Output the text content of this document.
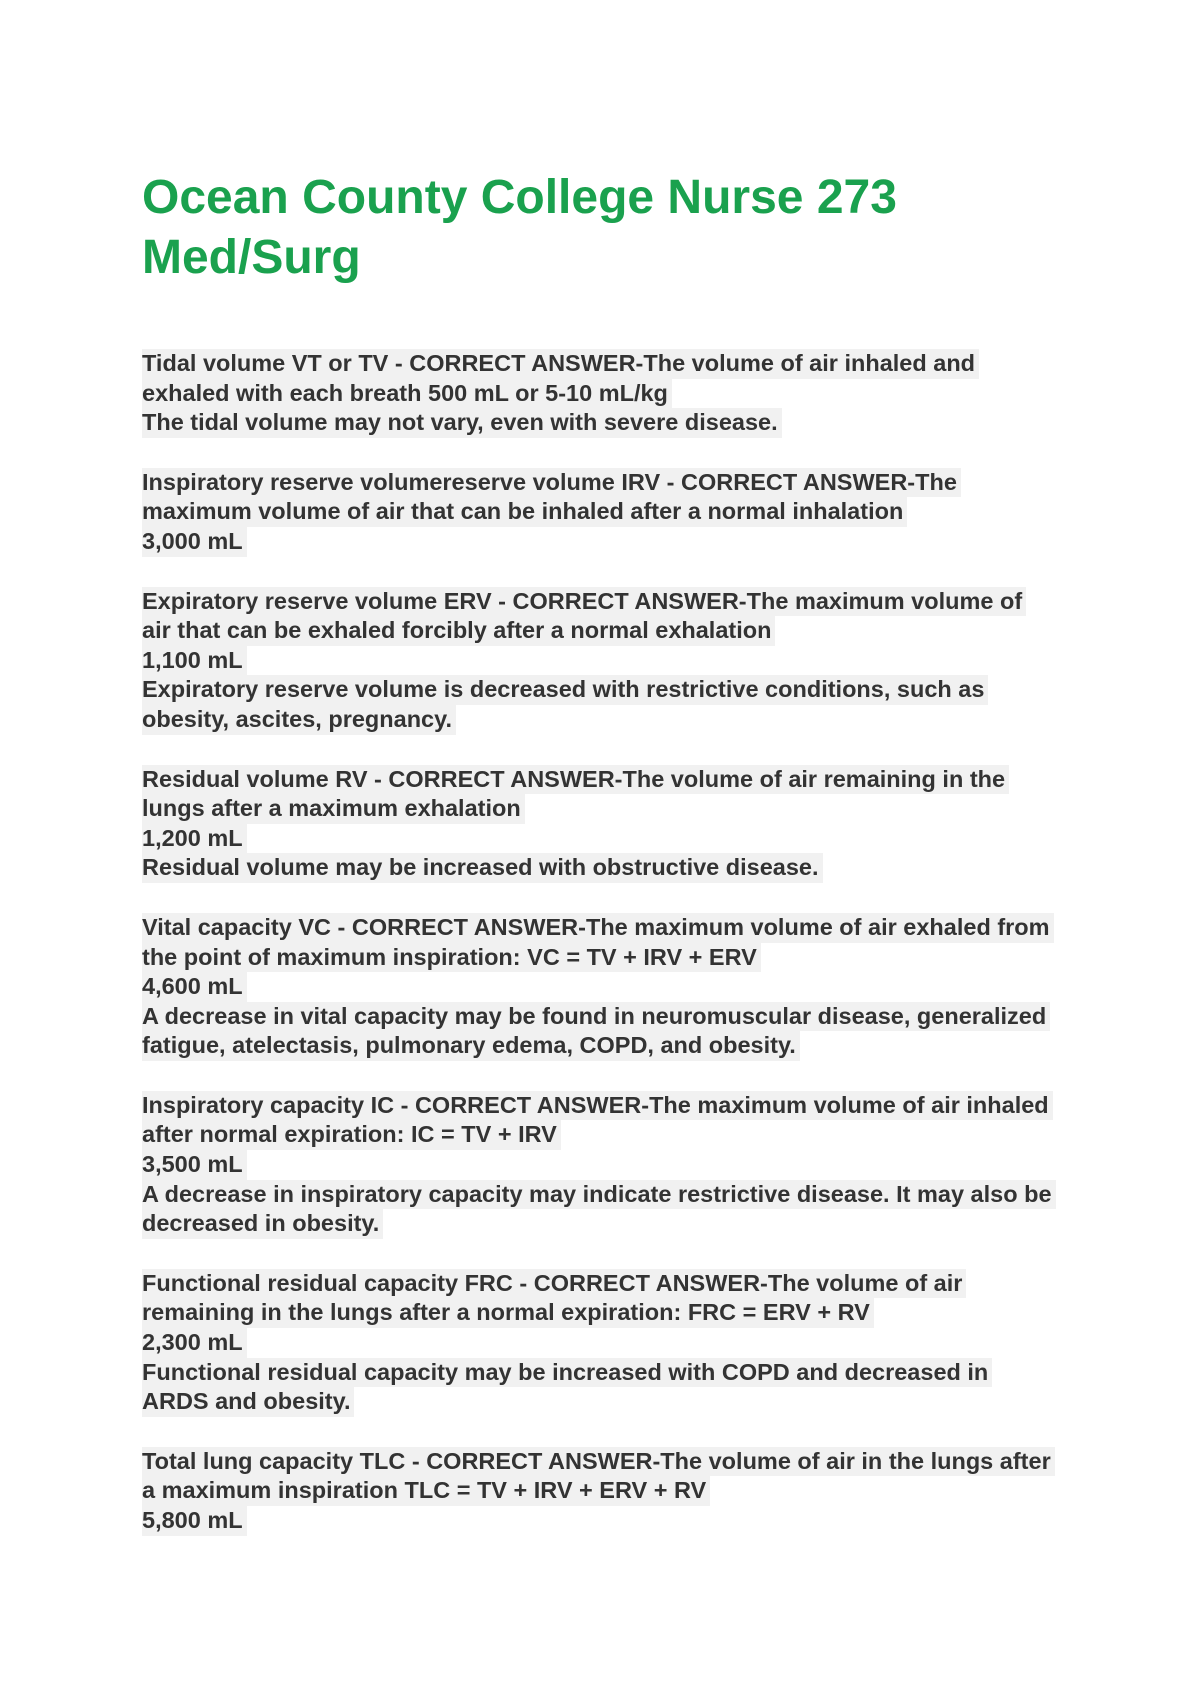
Ocean County College Nurse 273
Med/Surg
Tidal volume VT or TV - CORRECT ANSWER-The volume of air inhaled and
exhaled with each breath 500 mL or 5-10 mL/kg
The tidal volume may not vary, even with severe disease.
Inspiratory reserve volumereserve volume IRV - CORRECT ANSWER-The
maximum volume of air that can be inhaled after a normal inhalation
3,000 mL
Expiratory reserve volume ERV - CORRECT ANSWER-The maximum volume of
air that can be exhaled forcibly after a normal exhalation
1,100 mL
Expiratory reserve volume is decreased with restrictive conditions, such as
obesity, ascites, pregnancy.
Residual volume RV - CORRECT ANSWER-The volume of air remaining in the
lungs after a maximum exhalation
1,200 mL
Residual volume may be increased with obstructive disease.
Vital capacity VC - CORRECT ANSWER-The maximum volume of air exhaled from
the point of maximum inspiration: VC = TV + IRV + ERV
4,600 mL
A decrease in vital capacity may be found in neuromuscular disease, generalized
fatigue, atelectasis, pulmonary edema, COPD, and obesity.
Inspiratory capacity IC - CORRECT ANSWER-The maximum volume of air inhaled
after normal expiration: IC = TV + IRV
3,500 mL
A decrease in inspiratory capacity may indicate restrictive disease. It may also be
decreased in obesity.
Functional residual capacity FRC - CORRECT ANSWER-The volume of air
remaining in the lungs after a normal expiration: FRC = ERV + RV
2,300 mL
Functional residual capacity may be increased with COPD and decreased in
ARDS and obesity.
Total lung capacity TLC - CORRECT ANSWER-The volume of air in the lungs after
a maximum inspiration TLC = TV + IRV + ERV + RV
5,800 mL
